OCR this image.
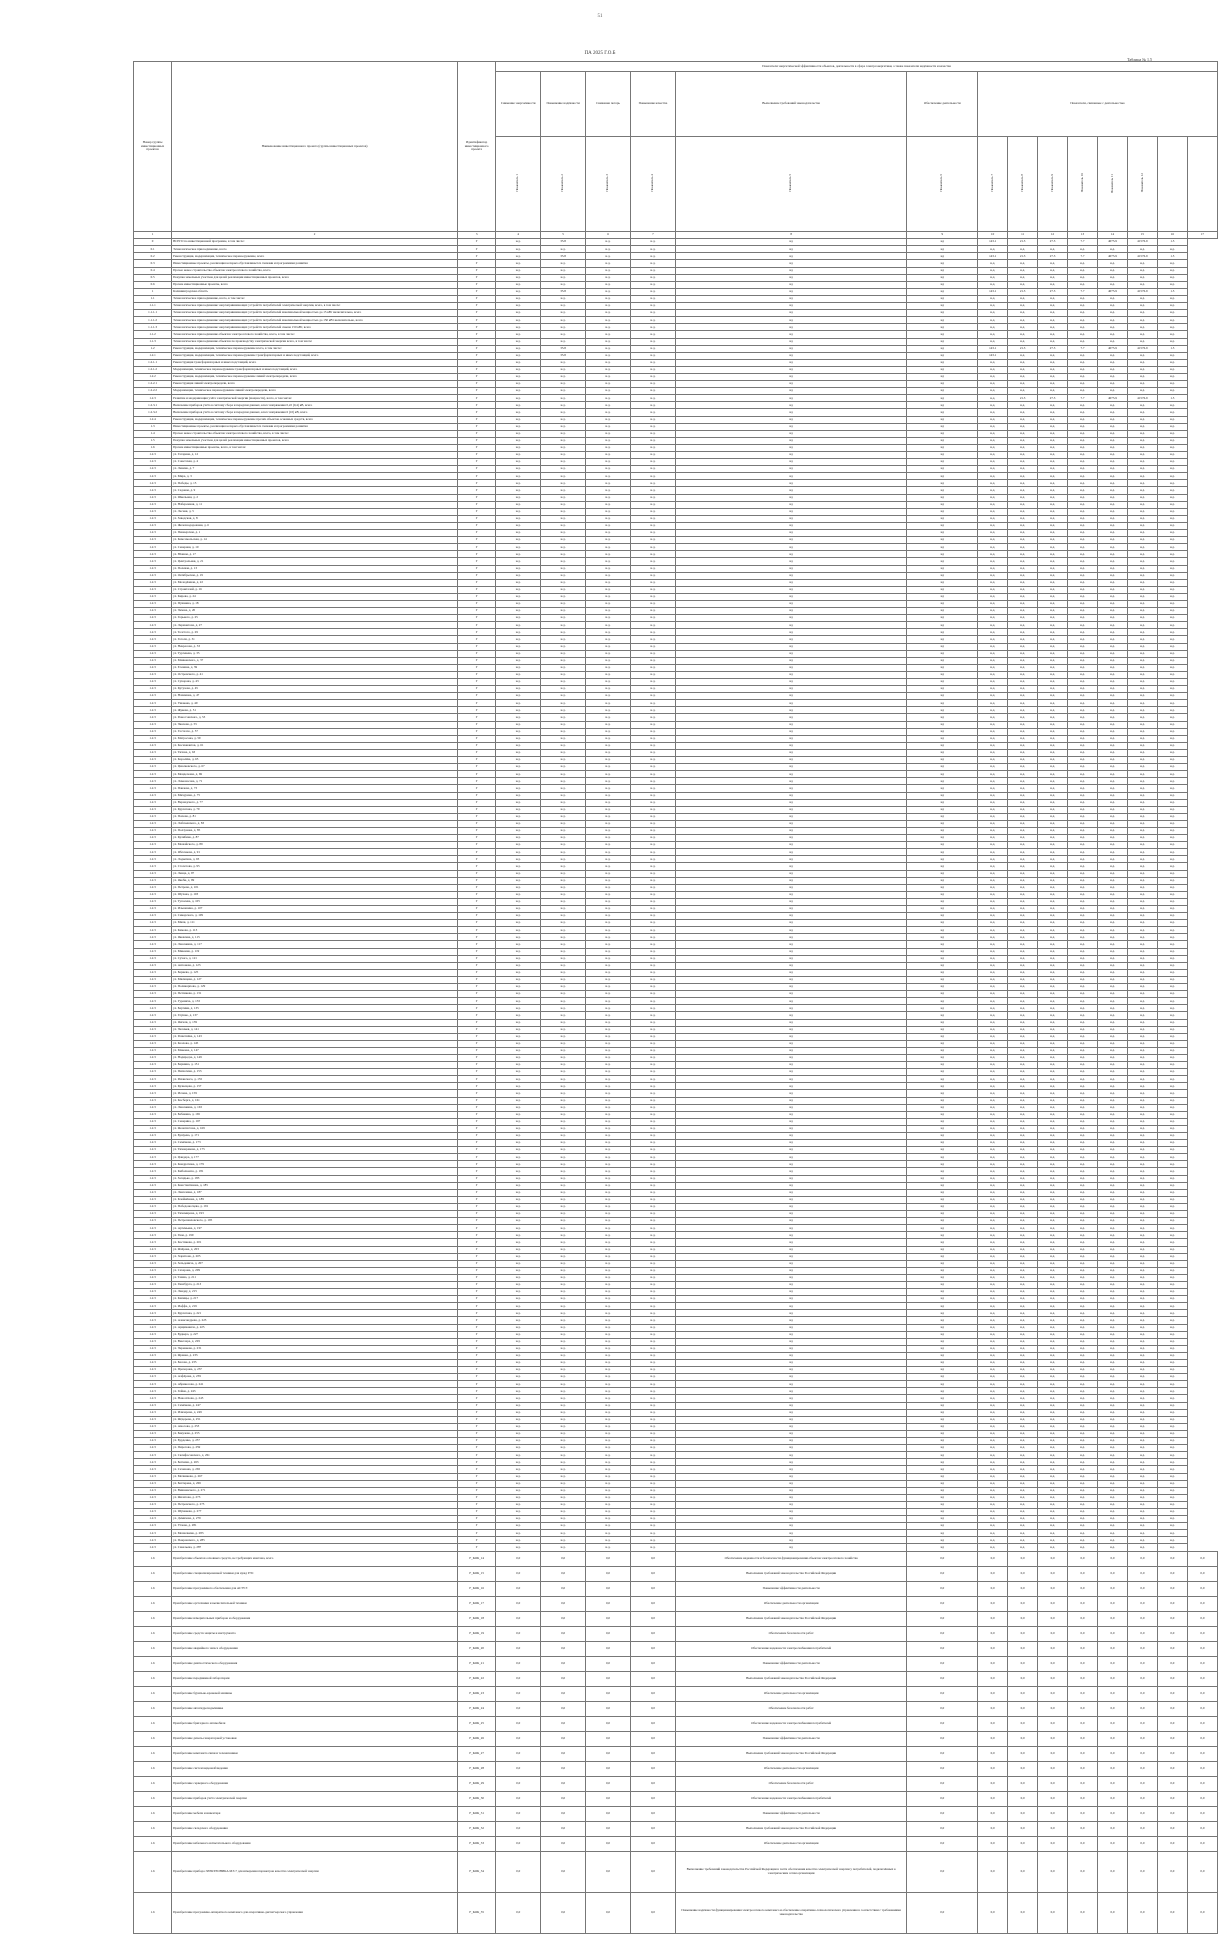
51
ПА 2025 Г.О.Б
Таблица № 1.5
Номер группы инвестиционных проектов	Наименование инвестиционного проекта (группы инвестиционных проектов)	Идентификатор инвестиционного проекта	Показатели энергетической эффективности объектов, деятельности в сфере электроэнергетики, а также показатели надёжности и качества													
			Снижение энергоёмкости	Повышение надёжности	Снижение потерь	Повышение качества	Выполнение требований законодательства	Обеспечение деятельности	Показатели, связанные с деятельностью							
			Показатель 1	Показатель 2	Показатель 3	Показатель 4	Показатель 5	Показатель 6	Показатель 7	Показатель 8	Показатель 9	Показатель 10	Показатель 11	Показатель 12		
1	2	3	4	5	6	7	8	9	10	11	12	13	14	15	16	17
0	ВСЕГО по инвестиционной программе, в том числе:	Г	н.д.	35.8	н.д.	н.д.	нд	нд	143.1	21.3	27.3	7.7	4075.9	41576.9	1.5	
0.1	Технологическое присоединение, всего	Г	н.д.	н.д.	н.д.	н.д.	нд	нд	н.д.	н.д.	н.д.	н.д.	н.д.	н.д.	н.д.	
0.2	Реконструкция, модернизация, техническое перевооружение, всего	Г	н.д.	35.8	н.д.	н.д.	нд	нд	143.1	21.3	27.3	7.7	4075.9	41576.9	1.5	
0.3	Инвестиционные проекты, реализация которых обуславливается схемами и программами развития	Г	н.д.	н.д.	н.д.	н.д.	нд	нд	н.д.	н.д.	н.д.	н.д.	н.д.	н.д.	н.д.	
0.4	Прочее новое строительство объектов электросетевого хозяйства, всего	Г	н.д.	н.д.	н.д.	н.д.	нд	нд	н.д.	н.д.	н.д.	н.д.	н.д.	н.д.	н.д.	
0.5	Покупка земельных участков для целей реализации инвестиционных проектов, всего	Г	н.д.	н.д.	н.д.	н.д.	нд	нд	н.д.	н.д.	н.д.	н.д.	н.д.	н.д.	н.д.	
0.6	Прочие инвестиционные проекты, всего	Г	н.д.	н.д.	н.д.	н.д.	нд	нд	н.д.	н.д.	н.д.	н.д.	н.д.	н.д.	н.д.	
1	Калининградская область	Г	н.д.	35.8	н.д.	н.д.	нд	нд	143.1	21.3	27.3	7.7	4075.9	41576.9	1.5	
1.1	Технологическое присоединение, всего, в том числе:	Г	н.д.	н.д.	н.д.	н.д.	нд	нд	н.д.	н.д.	н.д.	н.д.	н.д.	н.д.	н.д.	
1.1.1	Технологическое присоединение энергопринимающих устройств потребителей электрической энергии, всего, в том числе:	Г	н.д.	н.д.	н.д.	н.д.	нд	нд	н.д.	н.д.	н.д.	н.д.	н.д.	н.д.	н.д.	
1.1.1.1	Технологическое присоединение энергопринимающих устройств потребителей максимальной мощностью до 15 кВт включительно, всего	Г	н.д.	н.д.	н.д.	н.д.	нд	нд	н.д.	н.д.	н.д.	н.д.	н.д.	н.д.	н.д.	
1.1.1.2	Технологическое присоединение энергопринимающих устройств потребителей максимальной мощностью до 150 кВт включительно, всего	Г	н.д.	н.д.	н.д.	н.д.	нд	нд	н.д.	н.д.	н.д.	н.д.	н.д.	н.д.	н.д.	
1.1.1.3	Технологическое присоединение энергопринимающих устройств потребителей свыше 150 кВт, всего	Г	н.д.	н.д.	н.д.	н.д.	нд	нд	н.д.	н.д.	н.д.	н.д.	н.д.	н.д.	н.д.	
1.1.2	Технологическое присоединение объектов электросетевого хозяйства, всего, в том числе:	Г	н.д.	н.д.	н.д.	н.д.	нд	нд	н.д.	н.д.	н.д.	н.д.	н.д.	н.д.	н.д.	
1.1.3	Технологическое присоединение объектов по производству электрической энергии всего, в том числе:	Г	н.д.	н.д.	н.д.	н.д.	нд	нд	н.д.	н.д.	н.д.	н.д.	н.д.	н.д.	н.д.	
1.2	Реконструкция, модернизация, техническое перевооружение всего, в том числе:	Г	н.д.	35.8	н.д.	н.д.	нд	нд	143.1	21.3	27.3	7.7	4075.9	41576.9	1.5	
1.2.1	Реконструкция, модернизация, техническое перевооружение трансформаторных и иных подстанций, всего	Г	н.д.	35.8	н.д.	н.д.	нд	нд	143.1	н.д.	н.д.	н.д.	н.д.	н.д.	н.д.	
1.2.1.1	Реконструкция трансформаторных и иных подстанций, всего	Г	н.д.	н.д.	н.д.	н.д.	нд	нд	н.д.	н.д.	н.д.	н.д.	н.д.	н.д.	н.д.	
1.2.1.2	Модернизация, техническое перевооружение трансформаторных и иных подстанций, всего	Г	н.д.	н.д.	н.д.	н.д.	нд	нд	н.д.	н.д.	н.д.	н.д.	н.д.	н.д.	н.д.	
1.2.2	Реконструкция, модернизация, техническое перевооружение линий электропередачи, всего	Г	н.д.	н.д.	н.д.	н.д.	нд	нд	н.д.	н.д.	н.д.	н.д.	н.д.	н.д.	н.д.	
1.2.2.1	Реконструкция линий электропередачи, всего	Г	н.д.	н.д.	н.д.	н.д.	нд	нд	н.д.	н.д.	н.д.	н.д.	н.д.	н.д.	н.д.	
1.2.2.2	Модернизация, техническое перевооружение линий электропередачи, всего	Г	н.д.	н.д.	н.д.	н.д.	нд	нд	н.д.	н.д.	н.д.	н.д.	н.д.	н.д.	н.д.	
1.2.3	Развитие и модернизация учёта электрической энергии (мощности), всего, в том числе:	Г	н.д.	н.д.	н.д.	н.д.	нд	нд	н.д.	21.3	27.3	7.7	4075.9	41576.9	1.5	
1.2.3.1	Включение приборов учёта в систему сбора и передачи данных, класс напряжения 0,22 (0,4) кВ, всего	Г	н.д.	н.д.	н.д.	н.д.	нд	нд	н.д.	н.д.	н.д.	н.д.	н.д.	н.д.	н.д.	
1.2.3.2	Включение приборов учёта в систему сбора и передачи данных, класс напряжения 6 (10) кВ, всего	Г	н.д.	н.д.	н.д.	н.д.	нд	нд	н.д.	н.д.	н.д.	н.д.	н.д.	н.д.	н.д.	
1.2.4	Реконструкция, модернизация, техническое перевооружение прочих объектов основных средств, всего	Г	н.д.	н.д.	н.д.	н.д.	нд	нд	н.д.	н.д.	н.д.	н.д.	н.д.	н.д.	н.д.	
1.3	Инвестиционные проекты, реализация которых обуславливается схемами и программами развития	Г	н.д.	н.д.	н.д.	н.д.	нд	нд	н.д.	н.д.	н.д.	н.д.	н.д.	н.д.	н.д.	
1.4	Прочее новое строительство объектов электросетевого хозяйства, всего, в том числе:	Г	н.д.	н.д.	н.д.	н.д.	нд	нд	н.д.	н.д.	н.д.	н.д.	н.д.	н.д.	н.д.	
1.5	Покупка земельных участков для целей реализации инвестиционных проектов, всего	Г	н.д.	н.д.	н.д.	н.д.	нд	нд	н.д.	н.д.	н.д.	н.д.	н.д.	н.д.	н.д.	
1.6	Прочие инвестиционные проекты, всего, в том числе:	Г	н.д.	н.д.	н.д.	н.д.	нд	нд	н.д.	н.д.	н.д.	н.д.	н.д.	н.д.	н.д.	
1.2.3	ул. Гагарина, д. 12	Г	н.д.	н.д.	н.д.	н.д.	нд	нд	н.д.	н.д.	н.д.	н.д.	н.д.	н.д.	н.д.	
1.2.3	ул. Советская, д. 4	Г	н.д.	н.д.	н.д.	н.д.	нд	нд	н.д.	н.д.	н.д.	н.д.	н.д.	н.д.	н.д.	
1.2.3	ул. Ленина, д. 7	Г	н.д.	н.д.	н.д.	н.д.	нд	нд	н.д.	н.д.	н.д.	н.д.	н.д.	н.д.	н.д.	
1.2.3	ул. Мира, д. 3	Г	н.д.	н.д.	н.д.	н.д.	нд	нд	н.д.	н.д.	н.д.	н.д.	н.д.	н.д.	н.д.	
1.2.3	ул. Победы, д. 15	Г	н.д.	н.д.	н.д.	н.д.	нд	нд	н.д.	н.д.	н.д.	н.д.	н.д.	н.д.	н.д.	
1.2.3	ул. Садовая, д. 9	Г	н.д.	н.д.	н.д.	н.д.	нд	нд	н.д.	н.д.	н.д.	н.д.	н.д.	н.д.	н.д.	
1.2.3	ул. Школьная, д. 2	Г	н.д.	н.д.	н.д.	н.д.	нд	нд	н.д.	н.д.	н.д.	н.д.	н.д.	н.д.	н.д.	
1.2.3	ул. Набережная, д. 11	Г	н.д.	н.д.	н.д.	н.д.	нд	нд	н.д.	н.д.	н.д.	н.д.	н.д.	н.д.	н.д.	
1.2.3	ул. Лесная, д. 5	Г	н.д.	н.д.	н.д.	н.д.	нд	нд	н.д.	н.д.	н.д.	н.д.	н.д.	н.д.	н.д.	
1.2.3	ул. Заводская, д. 8	Г	н.д.	н.д.	н.д.	н.д.	нд	нд	н.д.	н.д.	н.д.	н.д.	н.д.	н.д.	н.д.	
1.2.3	ул. Железнодорожная, д. 6	Г	н.д.	н.д.	н.д.	н.д.	нд	нд	н.д.	н.д.	н.д.	н.д.	н.д.	н.д.	н.д.	
1.2.3	ул. Пионерская, д. 1	Г	н.д.	н.д.	н.д.	н.д.	нд	нд	н.д.	н.д.	н.д.	н.д.	н.д.	н.д.	н.д.	
1.2.3	ул. Комсомольская, д. 14	Г	н.д.	н.д.	н.д.	н.д.	нд	нд	н.д.	н.д.	н.д.	н.д.	н.д.	н.д.	н.д.	
1.2.3	ул. Северная, д. 10	Г	н.д.	н.д.	н.д.	н.д.	нд	нд	н.д.	н.д.	н.д.	н.д.	н.д.	н.д.	н.д.	
1.2.3	ул. Южная, д. 17	Г	н.д.	н.д.	н.д.	н.д.	нд	нд	н.д.	н.д.	н.д.	н.д.	н.д.	н.д.	н.д.	
1.2.3	ул. Центральная, д. 21	Г	н.д.	н.д.	н.д.	н.д.	нд	нд	н.д.	н.д.	н.д.	н.д.	н.д.	н.д.	н.д.	
1.2.3	ул. Полевая, д. 13	Г	н.д.	н.д.	н.д.	н.д.	нд	нд	н.д.	н.д.	н.д.	н.д.	н.д.	н.д.	н.д.	
1.2.3	ул. Октябрьская, д. 19	Г	н.д.	н.д.	н.д.	н.д.	нд	нд	н.д.	н.д.	н.д.	н.д.	н.д.	н.д.	н.д.	
1.2.3	ул. Молодёжная, д. 22	Г	н.д.	н.д.	н.д.	н.д.	нд	нд	н.д.	н.д.	н.д.	н.д.	н.д.	н.д.	н.д.	
1.2.3	ул. Строителей, д. 16	Г	н.д.	н.д.	н.д.	н.д.	нд	нд	н.д.	н.д.	н.д.	н.д.	н.д.	н.д.	н.д.	
1.2.3	ул. Кирова, д. 24	Г	н.д.	н.д.	н.д.	н.д.	нд	нд	н.д.	н.д.	н.д.	н.д.	н.д.	н.д.	н.д.	
1.2.3	ул. Пушкина, д. 18	Г	н.д.	н.д.	н.д.	н.д.	нд	нд	н.д.	н.д.	н.д.	н.д.	н.д.	н.д.	н.д.	
1.2.3	ул. Чехова, д. 20	Г	н.д.	н.д.	н.д.	н.д.	нд	нд	н.д.	н.д.	н.д.	н.д.	н.д.	н.д.	н.д.	
1.2.3	ул. Горького, д. 25	Г	н.д.	н.д.	н.д.	н.д.	нд	нд	н.д.	н.д.	н.д.	н.д.	н.д.	н.д.	н.д.	
1.2.3	ул. Лермонтова, д. 27	Г	н.д.	н.д.	н.д.	н.д.	нд	нд	н.д.	н.д.	н.д.	н.д.	н.д.	н.д.	н.д.	
1.2.3	ул. Толстого, д. 29	Г	н.д.	н.д.	н.д.	н.д.	нд	нд	н.д.	н.д.	н.д.	н.д.	н.д.	н.д.	н.д.	
1.2.3	ул. Гоголя, д. 31	Г	н.д.	н.д.	н.д.	н.д.	нд	нд	н.д.	н.д.	н.д.	н.д.	н.д.	н.д.	н.д.	
1.2.3	ул. Некрасова, д. 33	Г	н.д.	н.д.	н.д.	н.д.	нд	нд	н.д.	н.д.	н.д.	н.д.	н.д.	н.д.	н.д.	
1.2.3	ул. Тургенева, д. 35	Г	н.д.	н.д.	н.д.	н.д.	нд	нд	н.д.	н.д.	н.д.	н.д.	н.д.	н.д.	н.д.	
1.2.3	ул. Маяковского, д. 37	Г	н.д.	н.д.	н.д.	н.д.	нд	нд	н.д.	н.д.	н.д.	н.д.	н.д.	н.д.	н.д.	
1.2.3	ул. Есенина, д. 39	Г	н.д.	н.д.	н.д.	н.д.	нд	нд	н.д.	н.д.	н.д.	н.д.	н.д.	н.д.	н.д.	
1.2.3	ул. Островского, д. 41	Г	н.д.	н.д.	н.д.	н.д.	нд	нд	н.д.	н.д.	н.д.	н.д.	н.д.	н.д.	н.д.	
1.2.3	ул. Суворова, д. 43	Г	н.д.	н.д.	н.д.	н.д.	нд	нд	н.д.	н.д.	н.д.	н.д.	н.д.	н.д.	н.д.	
1.2.3	ул. Кутузова, д. 45	Г	н.д.	н.д.	н.д.	н.д.	нд	нд	н.д.	н.д.	н.д.	н.д.	н.д.	н.д.	н.д.	
1.2.3	ул. Нахимова, д. 47	Г	н.д.	н.д.	н.д.	н.д.	нд	нд	н.д.	н.д.	н.д.	н.д.	н.д.	н.д.	н.д.	
1.2.3	ул. Ушакова, д. 49	Г	н.д.	н.д.	н.д.	н.д.	нд	нд	н.д.	н.д.	н.д.	н.д.	н.д.	н.д.	н.д.	
1.2.3	ул. Жукова, д. 51	Г	н.д.	н.д.	н.д.	н.д.	нд	нд	н.д.	н.д.	н.д.	н.д.	н.д.	н.д.	н.д.	
1.2.3	ул. Рокоссовского, д. 53	Г	н.д.	н.д.	н.д.	н.д.	нд	нд	н.д.	н.д.	н.д.	н.д.	н.д.	н.д.	н.д.	
1.2.3	ул. Чкалова, д. 55	Г	н.д.	н.д.	н.д.	н.д.	нд	нд	н.д.	н.д.	н.д.	н.д.	н.д.	н.д.	н.д.	
1.2.3	ул. Гастелло, д. 57	Г	н.д.	н.д.	н.д.	н.д.	нд	нд	н.д.	н.д.	н.д.	н.д.	н.д.	н.д.	н.д.	
1.2.3	ул. Матросова, д. 59	Г	н.д.	н.д.	н.д.	н.д.	нд	нд	н.д.	н.д.	н.д.	н.д.	н.д.	н.д.	н.д.	
1.2.3	ул. Космонавтов, д. 61	Г	н.д.	н.д.	н.д.	н.д.	нд	нд	н.д.	н.д.	н.д.	н.д.	н.д.	н.д.	н.д.	
1.2.3	ул. Титова, д. 63	Г	н.д.	н.д.	н.д.	н.д.	нд	нд	н.д.	н.д.	н.д.	н.д.	н.д.	н.д.	н.д.	
1.2.3	ул. Королёва, д. 65	Г	н.д.	н.д.	н.д.	н.д.	нд	нд	н.д.	н.д.	н.д.	н.д.	н.д.	н.д.	н.д.	
1.2.3	ул. Циолковского, д. 67	Г	н.д.	н.д.	н.д.	н.д.	нд	нд	н.д.	н.д.	н.д.	н.д.	н.д.	н.д.	н.д.	
1.2.3	ул. Менделеева, д. 69	Г	н.д.	н.д.	н.д.	н.д.	нд	нд	н.д.	н.д.	н.д.	н.д.	н.д.	н.д.	н.д.	
1.2.3	ул. Ломоносова, д. 71	Г	н.д.	н.д.	н.д.	н.д.	нд	нд	н.д.	н.д.	н.д.	н.д.	н.д.	н.д.	н.д.	
1.2.3	ул. Павлова, д. 73	Г	н.д.	н.д.	н.д.	н.д.	нд	нд	н.д.	н.д.	н.д.	н.д.	н.д.	н.д.	н.д.	
1.2.3	ул. Мичурина, д. 75	Г	н.д.	н.д.	н.д.	н.д.	нд	нд	н.д.	н.д.	н.д.	н.д.	н.д.	н.д.	н.д.	
1.2.3	ул. Вернадского, д. 77	Г	н.д.	н.д.	н.д.	н.д.	нд	нд	н.д.	н.д.	н.д.	н.д.	н.д.	н.д.	н.д.	
1.2.3	ул. Курчатова, д. 79	Г	н.д.	н.д.	н.д.	н.д.	нд	нд	н.д.	н.д.	н.д.	н.д.	н.д.	н.д.	н.д.	
1.2.3	ул. Попова, д. 81	Г	н.д.	н.д.	н.д.	н.д.	нд	нд	н.д.	н.д.	н.д.	н.д.	н.д.	н.д.	н.д.	
1.2.3	ул. Лобачевского, д. 83	Г	н.д.	н.д.	н.д.	н.д.	нд	нд	н.д.	н.д.	н.д.	н.д.	н.д.	н.д.	н.д.	
1.2.3	ул. Ползунова, д. 85	Г	н.д.	н.д.	н.д.	н.д.	нд	нд	н.д.	н.д.	н.д.	н.д.	н.д.	н.д.	н.д.	
1.2.3	ул. Кулибина, д. 87	Г	н.д.	н.д.	н.д.	н.д.	нд	нд	н.д.	н.д.	н.д.	н.д.	н.д.	н.д.	н.д.	
1.2.3	ул. Можайского, д. 89	Г	н.д.	н.д.	н.д.	н.д.	нд	нд	н.д.	н.д.	н.д.	н.д.	н.д.	н.д.	н.д.	
1.2.3	ул. Яблочкова, д. 91	Г	н.д.	н.д.	н.д.	н.д.	нд	нд	н.д.	н.д.	н.д.	н.д.	н.д.	н.д.	н.д.	
1.2.3	ул. Лодыгина, д. 93	Г	н.д.	н.д.	н.д.	н.д.	нд	нд	н.д.	н.д.	н.д.	н.д.	н.д.	н.д.	н.д.	
1.2.3	ул. Столетова, д. 95	Г	н.д.	н.д.	н.д.	н.д.	нд	нд	н.д.	н.д.	н.д.	н.д.	н.д.	н.д.	н.д.	
1.2.3	ул. Ленца, д. 97	Г	н.д.	н.д.	н.д.	н.д.	нд	нд	н.д.	н.д.	н.д.	н.д.	н.д.	н.д.	н.д.	
1.2.3	ул. Якоби, д. 99	Г	н.д.	н.д.	н.д.	н.д.	нд	нд	н.д.	н.д.	н.д.	н.д.	н.д.	н.д.	н.д.	
1.2.3	ул. Петрова, д. 101	Г	н.д.	н.д.	н.д.	н.д.	нд	нд	н.д.	н.д.	н.д.	н.д.	н.д.	н.д.	н.д.	
1.2.3	ул. Шухова, д. 103	Г	н.д.	н.д.	н.д.	н.д.	нд	нд	н.д.	н.д.	н.д.	н.д.	н.д.	н.д.	н.д.	
1.2.3	ул. Туполева, д. 105	Г	н.д.	н.д.	н.д.	н.д.	нд	нд	н.д.	н.д.	н.д.	н.д.	н.д.	н.д.	н.д.	
1.2.3	ул. Ильюшина, д. 107	Г	н.д.	н.д.	н.д.	н.д.	нд	нд	н.д.	н.д.	н.д.	н.д.	н.д.	н.д.	н.д.	
1.2.3	ул. Сикорского, д. 109	Г	н.д.	н.д.	н.д.	н.д.	нд	нд	н.д.	н.д.	н.д.	н.д.	н.д.	н.д.	н.д.	
1.2.3	ул. Миля, д. 111	Г	н.д.	н.д.	н.д.	н.д.	нд	нд	н.д.	н.д.	н.д.	н.д.	н.д.	н.д.	н.д.	
1.2.3	ул. Камова, д. 113	Г	н.д.	н.д.	н.д.	н.д.	нд	нд	н.д.	н.д.	н.д.	н.д.	н.д.	н.д.	н.д.	
1.2.3	ул. Яковлева, д. 115	Г	н.д.	н.д.	н.д.	н.д.	нд	нд	н.д.	н.д.	н.д.	н.д.	н.д.	н.д.	н.д.	
1.2.3	ул. Лавочкина, д. 117	Г	н.д.	н.д.	н.д.	н.д.	нд	нд	н.д.	н.д.	н.д.	н.д.	н.д.	н.д.	н.д.	
1.2.3	ул. Микояна, д. 119	Г	н.д.	н.д.	н.д.	н.д.	нд	нд	н.д.	н.д.	н.д.	н.д.	н.д.	н.д.	н.д.	
1.2.3	ул. Сухого, д. 121	Г	н.д.	н.д.	н.д.	н.д.	нд	нд	н.д.	н.д.	н.д.	н.д.	н.д.	н.д.	н.д.	
1.2.3	ул. Антонова, д. 123	Г	н.д.	н.д.	н.д.	н.д.	нд	нд	н.д.	н.д.	н.д.	н.д.	н.д.	н.д.	н.д.	
1.2.3	ул. Бериева, д. 125	Г	н.д.	н.д.	н.д.	н.д.	нд	нд	н.д.	н.д.	н.д.	н.д.	н.д.	н.д.	н.д.	
1.2.3	ул. Мясищева, д. 127	Г	н.д.	н.д.	н.д.	н.д.	нд	нд	н.д.	н.д.	н.д.	н.д.	н.д.	н.д.	н.д.	
1.2.3	ул. Поликарпова, д. 129	Г	н.д.	н.д.	н.д.	н.д.	нд	нд	н.д.	н.д.	н.д.	н.д.	н.д.	н.д.	н.д.	
1.2.3	ул. Петлякова, д. 131	Г	н.д.	н.д.	н.д.	н.д.	нд	нд	н.д.	н.д.	н.д.	н.д.	н.д.	н.д.	н.д.	
1.2.3	ул. Гуревича, д. 133	Г	н.д.	н.д.	н.д.	н.д.	нд	нд	н.д.	н.д.	н.д.	н.д.	н.д.	н.д.	н.д.	
1.2.3	ул. Бартини, д. 135	Г	н.д.	н.д.	н.д.	н.д.	нд	нд	н.д.	н.д.	н.д.	н.д.	н.д.	н.д.	н.д.	
1.2.3	ул. Глушко, д. 137	Г	н.д.	н.д.	н.д.	н.д.	нд	нд	н.д.	н.д.	н.д.	н.д.	н.д.	н.д.	н.д.	
1.2.3	ул. Янгеля, д. 139	Г	н.д.	н.д.	н.д.	н.д.	нд	нд	н.д.	н.д.	н.д.	н.д.	н.д.	н.д.	н.д.	
1.2.3	ул. Челомея, д. 141	Г	н.д.	н.д.	н.д.	н.д.	нд	нд	н.д.	н.д.	н.д.	н.д.	н.д.	н.д.	н.д.	
1.2.3	ул. Решетнёва, д. 143	Г	н.д.	н.д.	н.д.	н.д.	нд	нд	н.д.	н.д.	н.д.	н.д.	н.д.	н.д.	н.д.	
1.2.3	ул. Козлова, д. 145	Г	н.д.	н.д.	н.д.	н.д.	нд	нд	н.д.	н.д.	н.д.	н.д.	н.д.	н.д.	н.д.	
1.2.3	ул. Макеева, д. 147	Г	н.д.	н.д.	н.д.	н.д.	нд	нд	н.д.	н.д.	н.д.	н.д.	н.д.	н.д.	н.д.	
1.2.3	ул. Надирадзе, д. 149	Г	н.д.	н.д.	н.д.	н.д.	нд	нд	н.д.	н.д.	н.д.	н.д.	н.д.	н.д.	н.д.	
1.2.3	ул. Бармина, д. 151	Г	н.д.	н.д.	н.д.	н.д.	нд	нд	н.д.	н.д.	н.д.	н.д.	н.д.	н.д.	н.д.	
1.2.3	ул. Пилюгина, д. 153	Г	н.д.	н.д.	н.д.	н.д.	нд	нд	н.д.	н.д.	н.д.	н.д.	н.д.	н.д.	н.д.	
1.2.3	ул. Рязанского, д. 155	Г	н.д.	н.д.	н.д.	н.д.	нд	нд	н.д.	н.д.	н.д.	н.д.	н.д.	н.д.	н.д.	
1.2.3	ул. Кузнецова, д. 157	Г	н.д.	н.д.	н.д.	н.д.	нд	нд	н.д.	н.д.	н.д.	н.д.	н.д.	н.д.	н.д.	
1.2.3	ул. Исаева, д. 159	Г	н.д.	н.д.	н.д.	н.д.	нд	нд	н.д.	н.д.	н.д.	н.д.	н.д.	н.д.	н.д.	
1.2.3	ул. Косберга, д. 161	Г	н.д.	н.д.	н.д.	н.д.	нд	нд	н.д.	н.д.	н.д.	н.д.	н.д.	н.д.	н.д.	
1.2.3	ул. Лавочкина, д. 163	Г	н.д.	н.д.	н.д.	н.д.	нд	нд	н.д.	н.д.	н.д.	н.д.	н.д.	н.д.	н.д.	
1.2.3	ул. Бабакина, д. 165	Г	н.д.	н.д.	н.д.	н.д.	нд	нд	н.д.	н.д.	н.д.	н.д.	н.д.	н.д.	н.д.	
1.2.3	ул. Северина, д. 167	Г	н.д.	н.д.	н.д.	н.д.	нд	нд	н.д.	н.д.	н.д.	н.д.	н.д.	н.д.	н.д.	
1.2.3	ул. Феоктистова, д. 169	Г	н.д.	н.д.	н.д.	н.д.	нд	нд	н.д.	н.д.	н.д.	н.д.	н.д.	н.д.	н.д.	
1.2.3	ул. Бушуева, д. 171	Г	н.д.	н.д.	н.д.	н.д.	нд	нд	н.д.	н.д.	н.д.	н.д.	н.д.	н.д.	н.д.	
1.2.3	ул. Семёнова, д. 173	Г	н.д.	н.д.	н.д.	н.д.	нд	нд	н.д.	н.д.	н.д.	н.д.	н.д.	н.д.	н.д.	
1.2.3	ул. Тихонравова, д. 175	Г	н.д.	н.д.	н.д.	н.д.	нд	нд	н.д.	н.д.	н.д.	н.д.	н.д.	н.д.	н.д.	
1.2.3	ул. Цандера, д. 177	Г	н.д.	н.д.	н.д.	н.д.	нд	нд	н.д.	н.д.	н.д.	н.д.	н.д.	н.д.	н.д.	
1.2.3	ул. Кондратюка, д. 179	Г	н.д.	н.д.	н.д.	н.д.	нд	нд	н.д.	н.д.	н.д.	н.д.	н.д.	н.д.	н.д.	
1.2.3	ул. Кибальчича, д. 181	Г	н.д.	н.д.	н.д.	н.д.	нд	нд	н.д.	н.д.	н.д.	н.д.	н.д.	н.д.	н.д.	
1.2.3	ул. Засядько, д. 183	Г	н.д.	н.д.	н.д.	н.д.	нд	нд	н.д.	н.д.	н.д.	н.д.	н.д.	н.д.	н.д.	
1.2.3	ул. Константинова, д. 185	Г	н.д.	н.д.	н.д.	н.д.	нд	нд	н.д.	н.д.	н.д.	н.д.	н.д.	н.д.	н.д.	
1.2.3	ул. Лангемака, д. 187	Г	н.д.	н.д.	н.д.	н.д.	нд	нд	н.д.	н.д.	н.д.	н.д.	н.д.	н.д.	н.д.	
1.2.3	ул. Клеймёнова, д. 189	Г	н.д.	н.д.	н.д.	н.д.	нд	нд	н.д.	н.д.	н.д.	н.д.	н.д.	н.д.	н.д.	
1.2.3	ул. Победоносцева, д. 191	Г	н.д.	н.д.	н.д.	н.д.	нд	нд	н.д.	н.д.	н.д.	н.д.	н.д.	н.д.	н.д.	
1.2.3	ул. Тихомирова, д. 193	Г	н.д.	н.д.	н.д.	н.д.	нд	нд	н.д.	н.д.	н.д.	н.д.	н.д.	н.д.	н.д.	
1.2.3	ул. Петропавловского, д. 195	Г	н.д.	н.д.	н.д.	н.д.	нд	нд	н.д.	н.д.	н.д.	н.д.	н.д.	н.д.	н.д.	
1.2.3	ул. Артемьева, д. 197	Г	н.д.	н.д.	н.д.	н.д.	нд	нд	н.д.	н.д.	н.д.	н.д.	н.д.	н.д.	н.д.	
1.2.3	ул. Гвая, д. 199	Г	н.д.	н.д.	н.д.	н.д.	нд	нд	н.д.	н.д.	н.д.	н.д.	н.д.	н.д.	н.д.	
1.2.3	ул. Костикова, д. 201	Г	н.д.	н.д.	н.д.	н.д.	нд	нд	н.д.	н.д.	н.д.	н.д.	н.д.	н.д.	н.д.	
1.2.3	ул. Флёрова, д. 203	Г	н.д.	н.д.	н.д.	н.д.	нд	нд	н.д.	н.д.	н.д.	н.д.	н.д.	н.д.	н.д.	
1.2.3	ул. Харитона, д. 205	Г	н.д.	н.д.	н.д.	н.д.	нд	нд	н.д.	н.д.	н.д.	н.д.	н.д.	н.д.	н.д.	
1.2.3	ул. Зельдовича, д. 207	Г	н.д.	н.д.	н.д.	н.д.	нд	нд	н.д.	н.д.	н.д.	н.д.	н.д.	н.д.	н.д.	
1.2.3	ул. Сахарова, д. 209	Г	н.д.	н.д.	н.д.	н.д.	нд	нд	н.д.	н.д.	н.д.	н.д.	н.д.	н.д.	н.д.	
1.2.3	ул. Тамма, д. 211	Г	н.д.	н.д.	н.д.	н.д.	нд	нд	н.д.	н.д.	н.д.	н.д.	н.д.	н.д.	н.д.	
1.2.3	ул. Гинзбурга, д. 213	Г	н.д.	н.д.	н.д.	н.д.	нд	нд	н.д.	н.д.	н.д.	н.д.	н.д.	н.д.	н.д.	
1.2.3	ул. Ландау, д. 215	Г	н.д.	н.д.	н.д.	н.д.	нд	нд	н.д.	н.д.	н.д.	н.д.	н.д.	н.д.	н.д.	
1.2.3	ул. Капицы, д. 217	Г	н.д.	н.д.	н.д.	н.д.	нд	нд	н.д.	н.д.	н.д.	н.д.	н.д.	н.д.	н.д.	
1.2.3	ул. Иоффе, д. 219	Г	н.д.	н.д.	н.д.	н.д.	нд	нд	н.д.	н.д.	н.д.	н.д.	н.д.	н.д.	н.д.	
1.2.3	ул. Курчатова, д. 221	Г	н.д.	н.д.	н.д.	н.д.	нд	нд	н.д.	н.д.	н.д.	н.д.	н.д.	н.д.	н.д.	
1.2.3	ул. Александрова, д. 223	Г	н.д.	н.д.	н.д.	н.д.	нд	нд	н.д.	н.д.	н.д.	н.д.	н.д.	н.д.	н.д.	
1.2.3	ул. Арцимовича, д. 225	Г	н.д.	н.д.	н.д.	н.д.	нд	нд	н.д.	н.д.	н.д.	н.д.	н.д.	н.д.	н.д.	
1.2.3	ул. Будкера, д. 227	Г	н.д.	н.д.	н.д.	н.д.	нд	нд	н.д.	н.д.	н.д.	н.д.	н.д.	н.д.	н.д.	
1.2.3	ул. Векслера, д. 229	Г	н.д.	н.д.	н.д.	н.д.	нд	нд	н.д.	н.д.	н.д.	н.д.	н.д.	н.д.	н.д.	
1.2.3	ул. Черенкова, д. 231	Г	н.д.	н.д.	н.д.	н.д.	нд	нд	н.д.	н.д.	н.д.	н.д.	н.д.	н.д.	н.д.	
1.2.3	ул. Франка, д. 233	Г	н.д.	н.д.	н.д.	н.д.	нд	нд	н.д.	н.д.	н.д.	н.д.	н.д.	н.д.	н.д.	
1.2.3	ул. Басова, д. 235	Г	н.д.	н.д.	н.д.	н.д.	нд	нд	н.д.	н.д.	н.д.	н.д.	н.д.	н.д.	н.д.	
1.2.3	ул. Прохорова, д. 237	Г	н.д.	н.д.	н.д.	н.д.	нд	нд	н.д.	н.д.	н.д.	н.д.	н.д.	н.д.	н.д.	
1.2.3	ул. Алфёрова, д. 239	Г	н.д.	н.д.	н.д.	н.д.	нд	нд	н.д.	н.д.	н.д.	н.д.	н.д.	н.д.	н.д.	
1.2.3	ул. Абрикосова, д. 241	Г	н.д.	н.д.	н.д.	н.д.	нд	нд	н.д.	н.д.	н.д.	н.д.	н.д.	н.д.	н.д.	
1.2.3	ул. Гейма, д. 243	Г	н.д.	н.д.	н.д.	н.д.	нд	нд	н.д.	н.д.	н.д.	н.д.	н.д.	н.д.	н.д.	
1.2.3	ул. Новосёлова, д. 245	Г	н.д.	н.д.	н.д.	н.д.	нд	нд	н.д.	н.д.	н.д.	н.д.	н.д.	н.д.	н.д.	
1.2.3	ул. Семёнова, д. 247	Г	н.д.	н.д.	н.д.	н.д.	нд	нд	н.д.	н.д.	н.д.	н.д.	н.д.	н.д.	н.д.	
1.2.3	ул. Илизарова, д. 249	Г	н.д.	н.д.	н.д.	н.д.	нд	нд	н.д.	н.д.	н.д.	н.д.	н.д.	н.д.	н.д.	
1.2.3	ул. Фёдорова, д. 251	Г	н.д.	н.д.	н.д.	н.д.	нд	нд	н.д.	н.д.	н.д.	н.д.	н.д.	н.д.	н.д.	
1.2.3	ул. Амосова, д. 253	Г	н.д.	н.д.	н.д.	н.д.	нд	нд	н.д.	н.д.	н.д.	н.д.	н.д.	н.д.	н.д.	
1.2.3	ул. Бакулева, д. 255	Г	н.д.	н.д.	н.д.	н.д.	нд	нд	н.д.	н.д.	н.д.	н.д.	н.д.	н.д.	н.д.	
1.2.3	ул. Бурденко, д. 257	Г	н.д.	н.д.	н.д.	н.д.	нд	нд	н.д.	н.д.	н.д.	н.д.	н.д.	н.д.	н.д.	
1.2.3	ул. Пирогова, д. 259	Г	н.д.	н.д.	н.д.	н.д.	нд	нд	н.д.	н.д.	н.д.	н.д.	н.д.	н.д.	н.д.	
1.2.3	ул. Склифосовского, д. 261	Г	н.д.	н.д.	н.д.	н.д.	нд	нд	н.д.	н.д.	н.д.	н.д.	н.д.	н.д.	н.д.	
1.2.3	ул. Боткина, д. 263	Г	н.д.	н.д.	н.д.	н.д.	нд	нд	н.д.	н.д.	н.д.	н.д.	н.д.	н.д.	н.д.	
1.2.3	ул. Сеченова, д. 265	Г	н.д.	н.д.	н.д.	н.д.	нд	нд	н.д.	н.д.	н.д.	н.д.	н.д.	н.д.	н.д.	
1.2.3	ул. Мечникова, д. 267	Г	н.д.	н.д.	н.д.	н.д.	нд	нд	н.д.	н.д.	н.д.	н.д.	н.д.	н.д.	н.д.	
1.2.3	ул. Бехтерева, д. 269	Г	н.д.	н.д.	н.д.	н.д.	нд	нд	н.д.	н.д.	н.д.	н.д.	н.д.	н.д.	н.д.	
1.2.3	ул. Вишневского, д. 271	Г	н.д.	н.д.	н.д.	н.д.	нд	нд	н.д.	н.д.	н.д.	н.д.	н.д.	н.д.	н.д.	
1.2.3	ул. Филатова, д. 273	Г	н.д.	н.д.	н.д.	н.д.	нд	нд	н.д.	н.д.	н.д.	н.д.	н.д.	н.д.	н.д.	
1.2.3	ул. Петровского, д. 275	Г	н.д.	н.д.	н.д.	н.д.	нд	нд	н.д.	н.д.	н.д.	н.д.	н.д.	н.д.	н.д.	
1.2.3	ул. Шумакова, д. 277	Г	н.д.	н.д.	н.д.	н.д.	нд	нд	н.д.	н.д.	н.д.	н.д.	н.д.	н.д.	н.д.	
1.2.3	ул. Демихова, д. 279	Г	н.д.	н.д.	н.д.	н.д.	нд	нд	н.д.	н.д.	н.д.	н.д.	н.д.	н.д.	н.д.	
1.2.3	ул. Углова, д. 281	Г	н.д.	н.д.	н.д.	н.д.	нд	нд	н.д.	н.д.	н.д.	н.д.	н.д.	н.д.	н.д.	
1.2.3	ул. Мешалкина, д. 283	Г	н.д.	н.д.	н.д.	н.д.	нд	нд	н.д.	н.д.	н.д.	н.д.	н.д.	н.д.	н.д.	
1.2.3	ул. Покровского, д. 285	Г	н.д.	н.д.	н.д.	н.д.	нд	нд	н.д.	н.д.	н.д.	н.д.	н.д.	н.д.	н.д.	
1.2.3	ул. Савельева, д. 287	Г	н.д.	н.д.	н.д.	н.д.	нд	нд	н.д.	н.д.	н.д.	н.д.	н.д.	н.д.	н.д.	
1.6	Приобретение объектов основных средств, не требующих монтажа, всего	F_КОК_14	0,0	0,0	0,0	0,0	Обеспечение надежности и безопасности функционирования объектов электросетевого хозяйства	0,0	0,0	0,0	0,0	0,0	0,0	0,0	0,0	0,0
1.6	Приобретение специализированной техники для нужд РЭС	F_КОК_15	0,0	0,0	0,0	0,0	Выполнение требований законодательства Российской Федерации	0,0	0,0	0,0	0,0	0,0	0,0	0,0	0,0	0,0
1.6	Приобретение программного обеспечения для АСТУЭ	F_КОК_16	0,0	0,0	0,0	0,0	Повышение эффективности деятельности	0,0	0,0	0,0	0,0	0,0	0,0	0,0	0,0	0,0
1.6	Приобретение оргтехники и вычислительной техники	F_КОК_17	0,0	0,0	0,0	0,0	Обеспечение деятельности организации	0,0	0,0	0,0	0,0	0,0	0,0	0,0	0,0	0,0
1.6	Приобретение измерительных приборов и оборудования	F_КОК_18	0,0	0,0	0,0	0,0	Выполнение требований законодательства Российской Федерации	0,0	0,0	0,0	0,0	0,0	0,0	0,0	0,0	0,0
1.6	Приобретение средств защиты и инструмента	F_КОК_19	0,0	0,0	0,0	0,0	Обеспечение безопасности работ	0,0	0,0	0,0	0,0	0,0	0,0	0,0	0,0	0,0
1.6	Приобретение аварийного запаса оборудования	F_КОК_20	0,0	0,0	0,0	0,0	Обеспечение надежности электроснабжения потребителей	0,0	0,0	0,0	0,0	0,0	0,0	0,0	0,0	0,0
1.6	Приобретение диагностического оборудования	F_КОК_21	0,0	0,0	0,0	0,0	Повышение эффективности деятельности	0,0	0,0	0,0	0,0	0,0	0,0	0,0	0,0	0,0
1.6	Приобретение передвижной лаборатории	F_КОК_22	0,0	0,0	0,0	0,0	Выполнение требований законодательства Российской Федерации	0,0	0,0	0,0	0,0	0,0	0,0	0,0	0,0	0,0
1.6	Приобретение бурильно-крановой машины	F_КОК_23	0,0	0,0	0,0	0,0	Обеспечение деятельности организации	0,0	0,0	0,0	0,0	0,0	0,0	0,0	0,0	0,0
1.6	Приобретение автогидроподъёмника	F_КОК_24	0,0	0,0	0,0	0,0	Обеспечение безопасности работ	0,0	0,0	0,0	0,0	0,0	0,0	0,0	0,0	0,0
1.6	Приобретение бригадного автомобиля	F_КОК_25	0,0	0,0	0,0	0,0	Обеспечение надежности электроснабжения потребителей	0,0	0,0	0,0	0,0	0,0	0,0	0,0	0,0	0,0
1.6	Приобретение дизель-генераторной установки	F_КОК_26	0,0	0,0	0,0	0,0	Повышение эффективности деятельности	0,0	0,0	0,0	0,0	0,0	0,0	0,0	0,0	0,0
1.6	Приобретение комплекта связи и телемеханики	F_КОК_27	0,0	0,0	0,0	0,0	Выполнение требований законодательства Российской Федерации	0,0	0,0	0,0	0,0	0,0	0,0	0,0	0,0	0,0
1.6	Приобретение систем видеонаблюдения	F_КОК_28	0,0	0,0	0,0	0,0	Обеспечение деятельности организации	0,0	0,0	0,0	0,0	0,0	0,0	0,0	0,0	0,0
1.6	Приобретение серверного оборудования	F_КОК_29	0,0	0,0	0,0	0,0	Обеспечение безопасности работ	0,0	0,0	0,0	0,0	0,0	0,0	0,0	0,0	0,0
1.6	Приобретение приборов учёта электрической энергии	F_КОК_30	0,0	0,0	0,0	0,0	Обеспечение надежности электроснабжения потребителей	0,0	0,0	0,0	0,0	0,0	0,0	0,0	0,0	0,0
1.6	Приобретение мебели и инвентаря	F_КОК_31	0,0	0,0	0,0	0,0	Повышение эффективности деятельности	0,0	0,0	0,0	0,0	0,0	0,0	0,0	0,0	0,0
1.6	Приобретение складского оборудования	F_КОК_32	0,0	0,0	0,0	0,0	Выполнение требований законодательства Российской Федерации	0,0	0,0	0,0	0,0	0,0	0,0	0,0	0,0	0,0
1.6	Приобретение кабельного испытательного оборудования	F_КОК_33	0,0	0,0	0,0	0,0	Обеспечение деятельности организации	0,0	0,0	0,0	0,0	0,0	0,0	0,0	0,0	0,0
1.6	Приобретение прибора ЭЛЕКТРОНИКА МЭ-7 для измерения параметров качества электрической энергии	F_КОК_34	0,0	0,0	0,0	0,0	Выполнение требований законодательства Российской Федерации в части обеспечения качества электрической энергии у потребителей, подключённых к электрическим сетям организации	0,0	0,0	0,0	0,0	0,0	0,0	0,0	0,0	0,0
1.6	Приобретение программно-аппаратного комплекса для оперативно-диспетчерского управления	F_КОК_35	0,0	0,0	0,0	0,0	Повышение надёжности функционирования электросетевого комплекса и обеспечение оперативно-технологического управления в соответствии с требованиями законодательства	0,0	0,0	0,0	0,0	0,0	0,0	0,0	0,0	0,0
